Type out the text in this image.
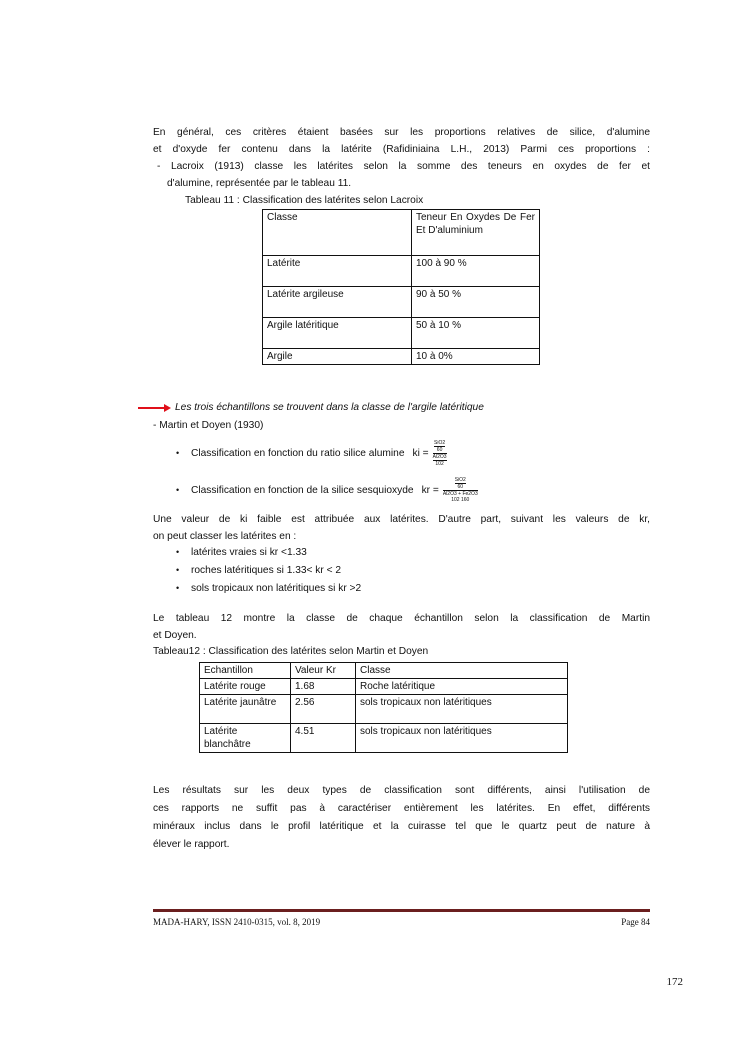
En général, ces critères étaient basées sur les proportions relatives de silice, d'alumine
et d'oxyde fer contenu dans la latérite (Rafidiniaina L.H., 2013) Parmi ces proportions :
- Lacroix (1913) classe les latérites selon la somme des teneurs en oxydes de fer et
d'alumine, représentée par le tableau 11.
Tableau 11 : Classification des latérites selon Lacroix
Classe	Teneur En Oxydes De Fer Et D'aluminium
Latérite	100 à 90 %
Latérite argileuse	90 à 50 %
Argile latéritique	50 à 10 %
Argile	10 à 0%
Les trois échantillons se trouvent dans la classe de l'argile latéritique
- Martin et Doyen (1930)
• Classification en fonction du ratio silice alumine ki = $\frac{\frac{\text{SiO2}}{60}}{\frac{Al2O3}{102}}$
• Classification en fonction de la silice sesquioxyde kr =	$\frac{\text{SiO2}}{60}$
Al2O3 + Fe2O3
102 160
Une valeur de ki faible est attribuée aux latérites. D'autre part, suivant les valeurs de kr,
on peut classer les latérites en :
• latérites vraies si kr <1.33
• roches latéritiques si 1.33< kr < 2
• sols tropicaux non latéritiques si kr >2
Le tableau 12 montre la classe de chaque échantillon selon la classification de Martin
et Doyen.
Tableau12 : Classification des latérites selon Martin et Doyen
Echantillon	Valeur Kr	Classe
Latérite rouge	1.68	Roche latéritique
Latérite jaunâtre	2.56	sols tropicaux non latéritiques
Latérite blanchâtre	4.51	sols tropicaux non latéritiques
Les résultats sur les deux types de classification sont différents, ainsi l'utilisation de
ces rapports ne suffit pas à caractériser entièrement les latérites. En effet, différents
minéraux inclus dans le profil latéritique et la cuirasse tel que le quartz peut de nature à
élever le rapport.
MADA-HARY, ISSN 2410-0315, vol. 8, 2019	Page 84
172
